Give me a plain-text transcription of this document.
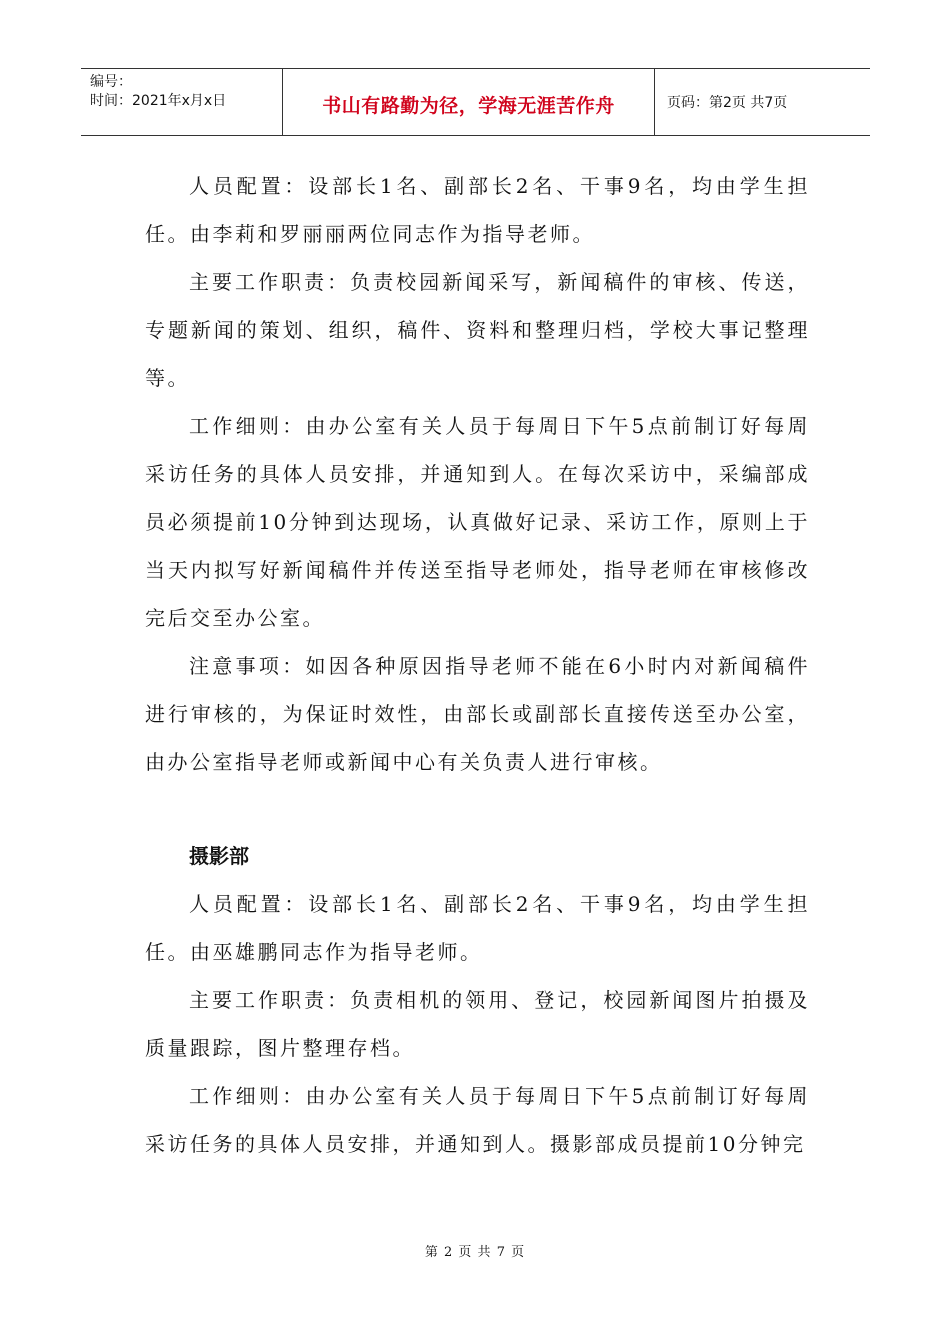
编号：
时间：2021年x月x日	书山有路勤为径，学海无涯苦作舟	页码：第2页 共7页

人员配置：设部长1名、副部长2名、干事9名，均由学生担任。由李莉和罗丽丽两位同志作为指导老师。

主要工作职责：负责校园新闻采写，新闻稿件的审核、传送，专题新闻的策划、组织，稿件、资料和整理归档，学校大事记整理等。

工作细则：由办公室有关人员于每周日下午5点前制订好每周采访任务的具体人员安排，并通知到人。在每次采访中，采编部成员必须提前10分钟到达现场，认真做好记录、采访工作，原则上于当天内拟写好新闻稿件并传送至指导老师处，指导老师在审核修改完后交至办公室。

注意事项：如因各种原因指导老师不能在6小时内对新闻稿件进行审核的，为保证时效性，由部长或副部长直接传送至办公室，由办公室指导老师或新闻中心有关负责人进行审核。

摄影部

人员配置：设部长1名、副部长2名、干事9名，均由学生担任。由巫雄鹏同志作为指导老师。

主要工作职责：负责相机的领用、登记，校园新闻图片拍摄及质量跟踪，图片整理存档。

工作细则：由办公室有关人员于每周日下午5点前制订好每周采访任务的具体人员安排，并通知到人。摄影部成员提前10分钟完

第 2 页 共 7 页
